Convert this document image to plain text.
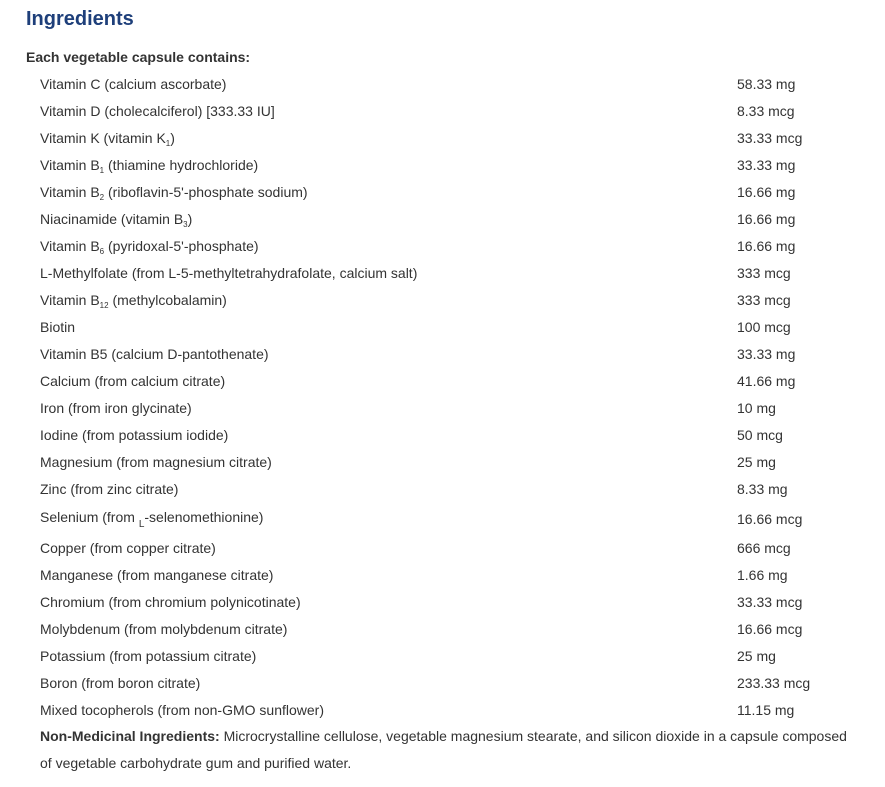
Ingredients
Each vegetable capsule contains:
Vitamin C (calcium ascorbate)	58.33 mg
Vitamin D (cholecalciferol) [333.33 IU]	8.33 mcg
Vitamin K (vitamin $K_1$)	33.33 mcg
Vitamin $B_1$ (thiamine hydrochloride)	33.33 mg
Vitamin $B_2$ (riboflavin-5'-phosphate sodium)	16.66 mg
Niacinamide (vitamin $B_3$)	16.66 mg
Vitamin $B_6$ (pyridoxal-5'-phosphate)	16.66 mg
L-Methylfolate (from L-5-methyltetrahydrafolate, calcium salt)	333 mcg
Vitamin $B_{12}$ (methylcobalamin)	333 mcg
Biotin	100 mcg
Vitamin B5 (calcium D-pantothenate)	33.33 mg
Calcium (from calcium citrate)	41.66 mg
Iron (from iron glycinate)	10 mg
Iodine (from potassium iodide)	50 mcg
Magnesium (from magnesium citrate)	25 mg
Zinc (from zinc citrate)	8.33 mg
Selenium (from $_L$-selenomethionine)	16.66 mcg
Copper (from copper citrate)	666 mcg
Manganese (from manganese citrate)	1.66 mg
Chromium (from chromium polynicotinate)	33.33 mcg
Molybdenum (from molybdenum citrate)	16.66 mcg
Potassium (from potassium citrate)	25 mg
Boron (from boron citrate)	233.33 mcg
Mixed tocopherols (from non-GMO sunflower)	11.15 mg
Non-Medicinal Ingredients: Microcrystalline cellulose, vegetable magnesium stearate, and silicon dioxide in a capsule composed of vegetable carbohydrate gum and purified water.
